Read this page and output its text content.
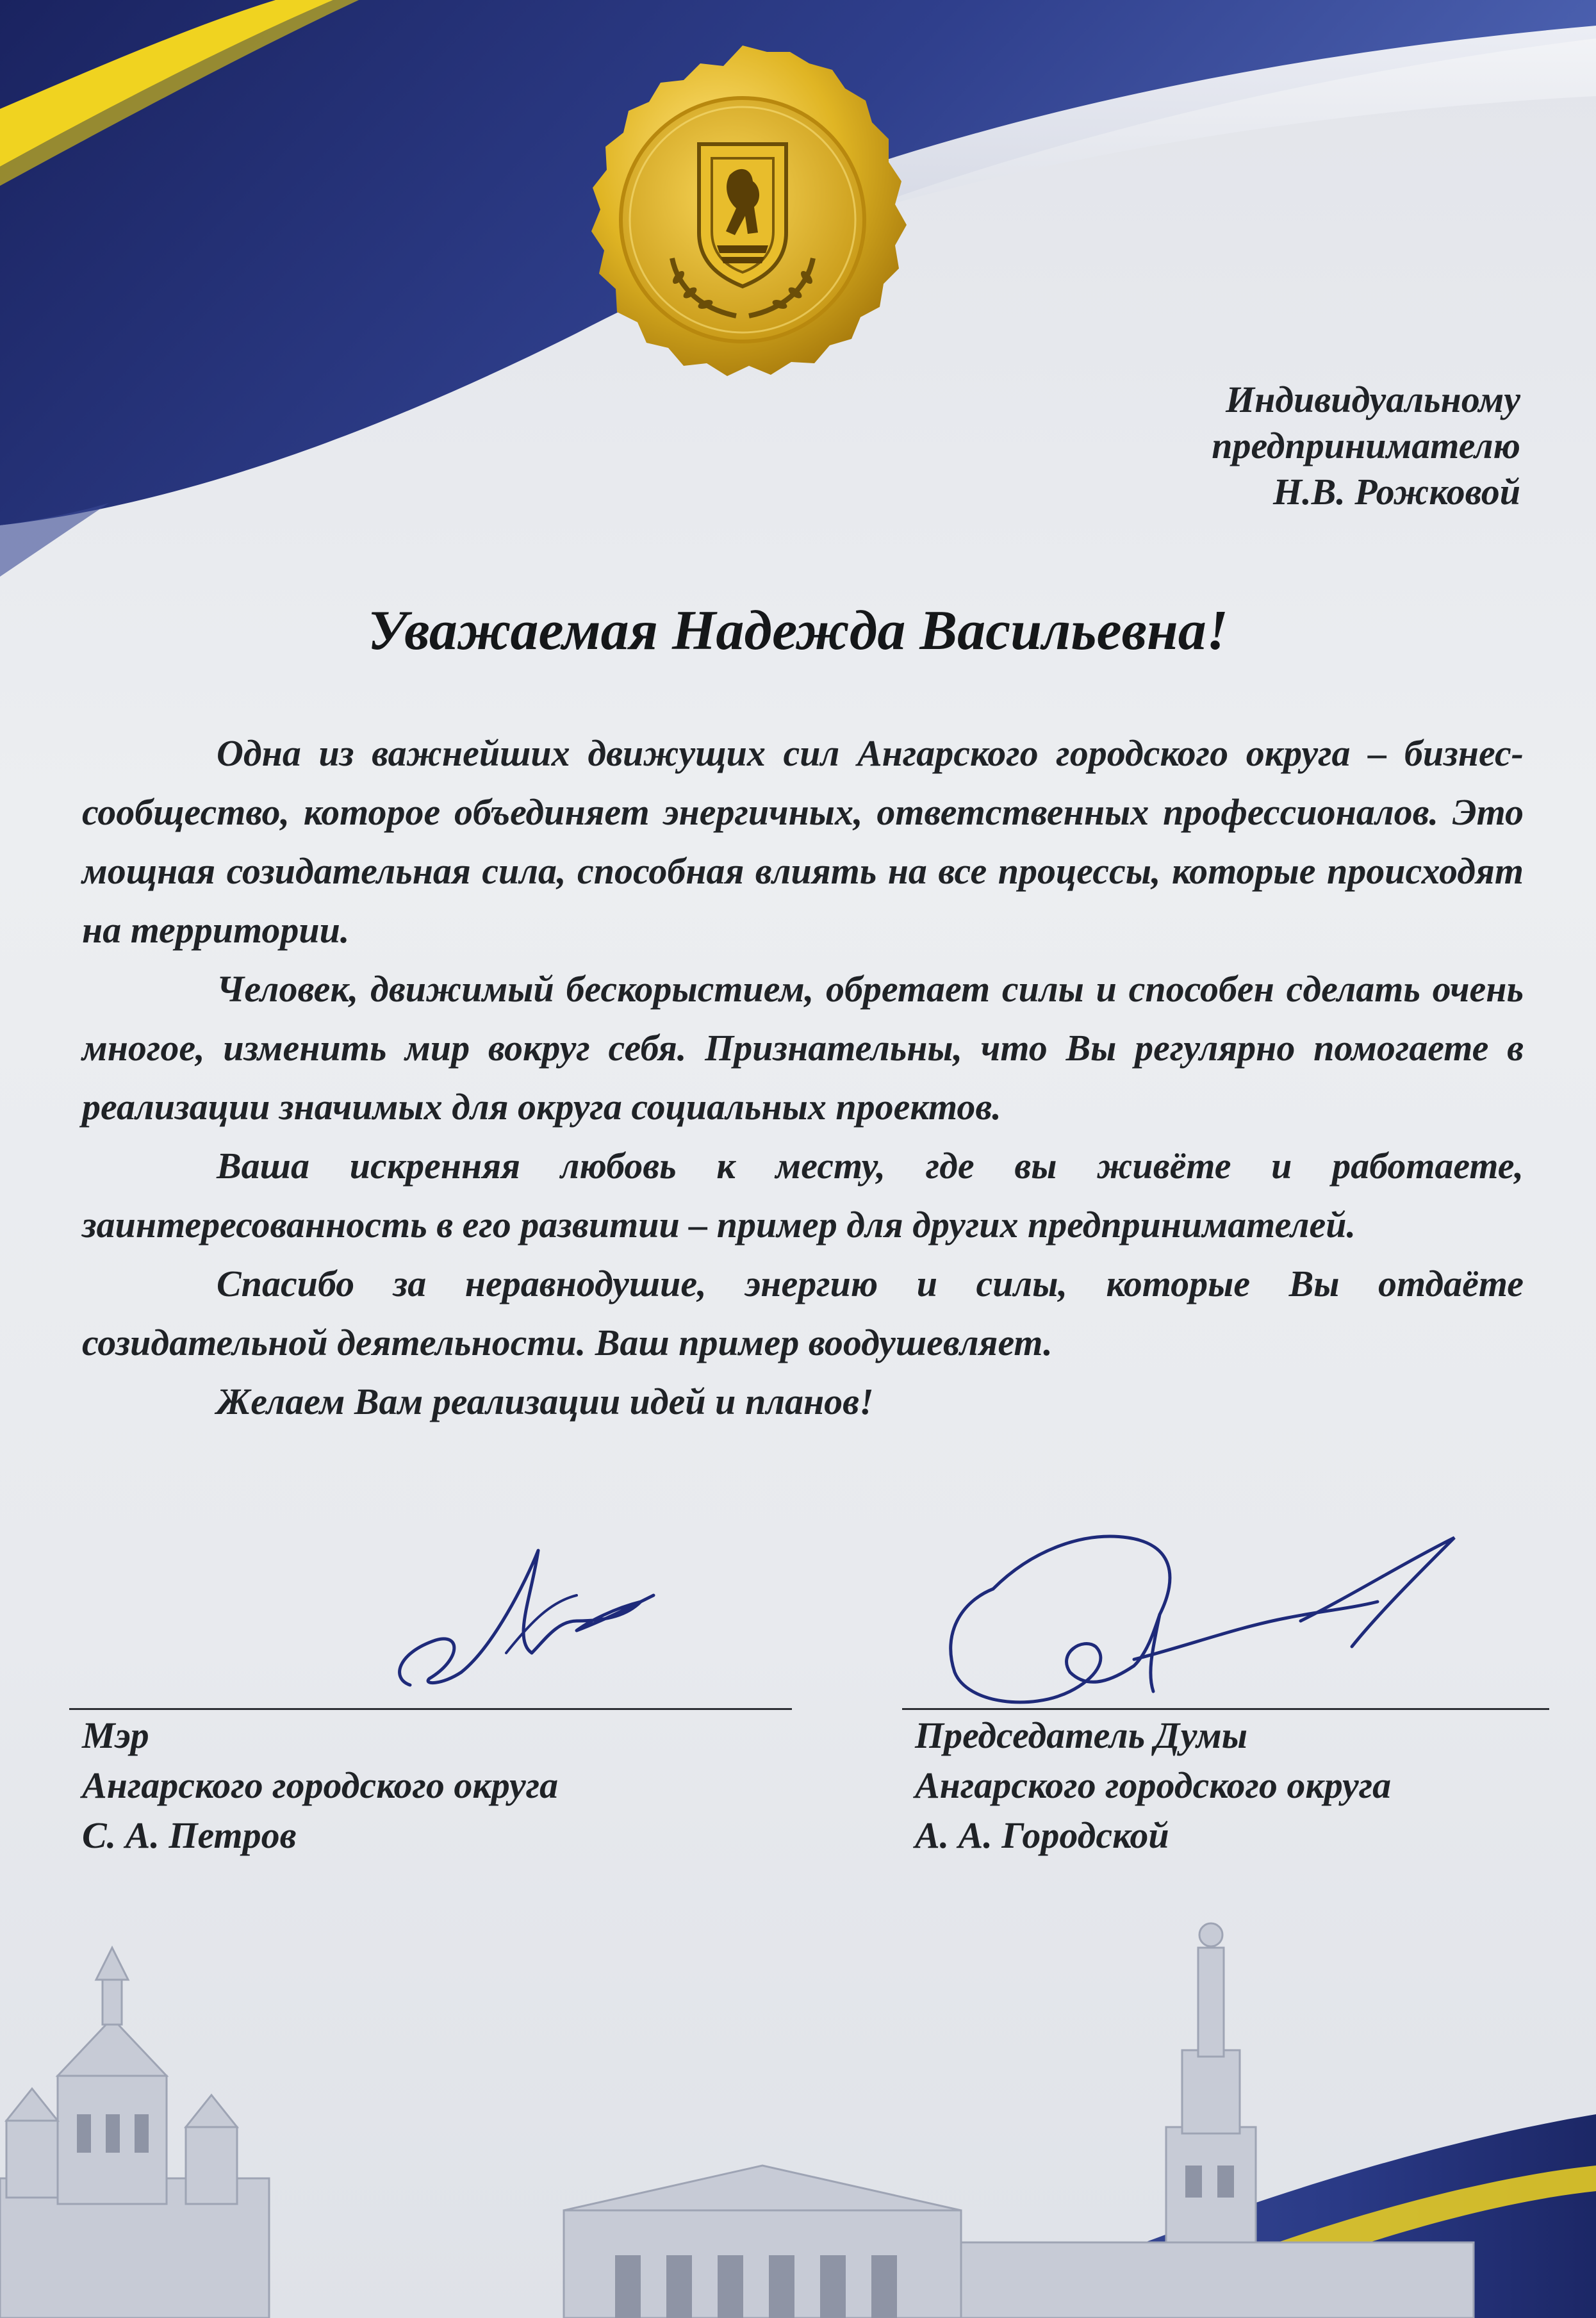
Индивидуальному
предпринимателю
Н.В. Рожковой
Уважаемая Надежда Васильевна!

Одна из важнейших движущих сил Ангарского городского округа – бизнес-сообщество, которое объединяет энергичных, ответственных профессионалов. Это мощная созидательная сила, способная влиять на все процессы, которые происходят на территории.

Человек, движимый бескорыстием, обретает силы и способен сделать очень многое, изменить мир вокруг себя. Признательны, что Вы регулярно помогаете в реализации значимых для округа социальных проектов.

Ваша искренняя любовь к месту, где вы живёте и работаете, заинтересованность в его развитии – пример для других предпринимателей.

Спасибо за неравнодушие, энергию и силы, которые Вы отдаёте созидательной деятельности. Ваш пример воодушевляет.

Желаем Вам реализации идей и планов!

Мэр
Ангарского городского округа
С. А. Петров
Председатель Думы
Ангарского городского округа
А. А. Городской
